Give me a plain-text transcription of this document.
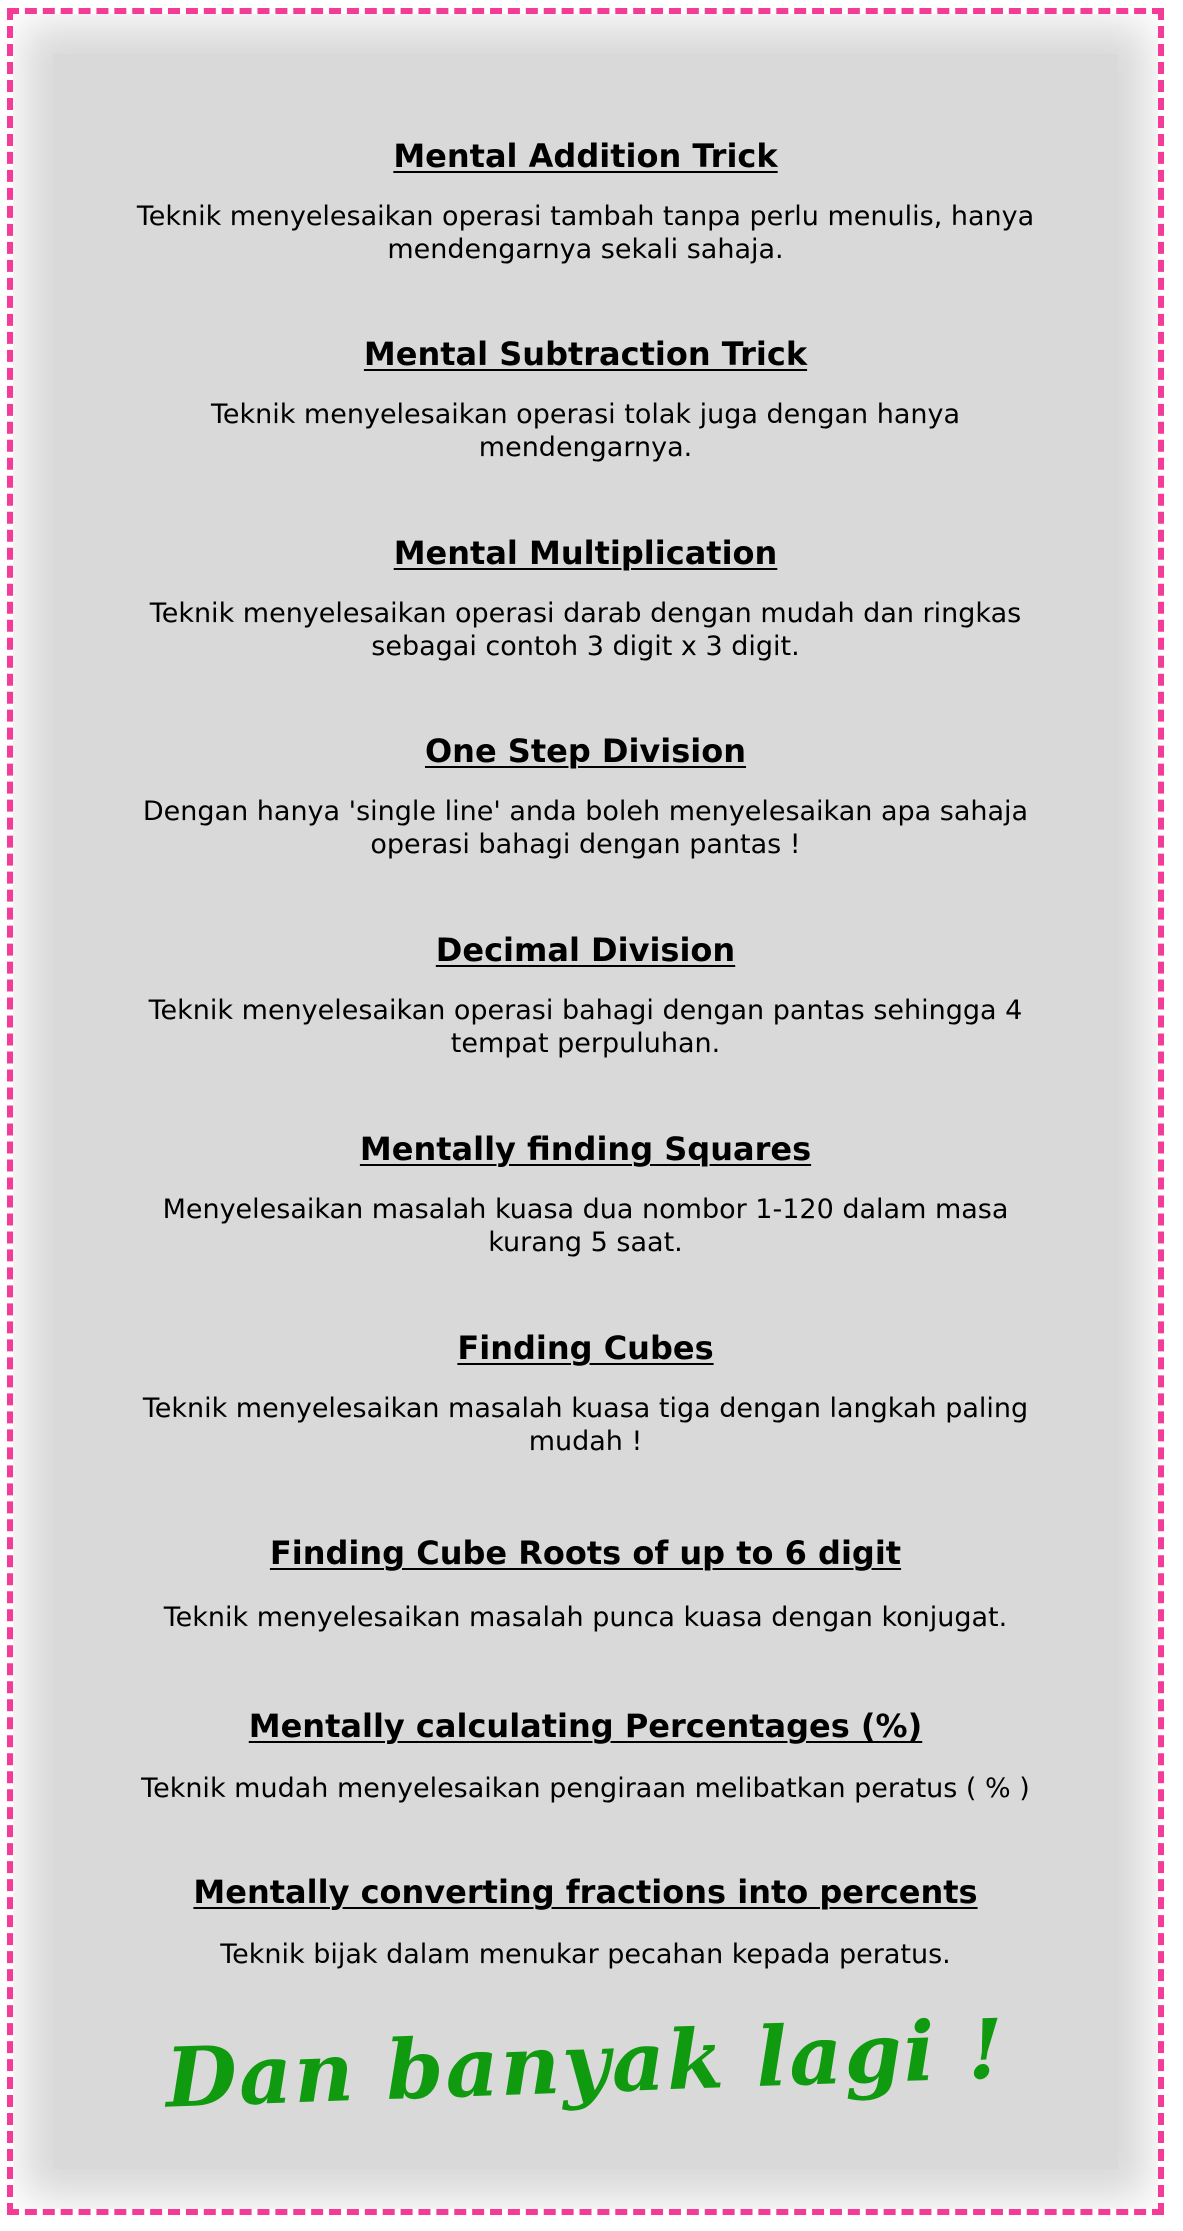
Mental Addition Trick

Teknik menyelesaikan operasi tambah tanpa perlu menulis, hanya mendengarnya sekali sahaja.

Mental Subtraction Trick

Teknik menyelesaikan operasi tolak juga dengan hanya mendengarnya.

Mental Multiplication

Teknik menyelesaikan operasi darab dengan mudah dan ringkas sebagai contoh 3 digit x 3 digit.

One Step Division

Dengan hanya 'single line' anda boleh menyelesaikan apa sahaja operasi bahagi dengan pantas !

Decimal Division

Teknik menyelesaikan operasi bahagi dengan pantas sehingga 4 tempat perpuluhan.

Mentally finding Squares

Menyelesaikan masalah kuasa dua nombor 1-120 dalam masa kurang 5 saat.

Finding Cubes

Teknik menyelesaikan masalah kuasa tiga dengan langkah paling mudah !

Finding Cube Roots of up to 6 digit

Teknik menyelesaikan masalah punca kuasa dengan konjugat.

Mentally calculating Percentages (%)

Teknik mudah menyelesaikan pengiraan melibatkan peratus ( % )

Mentally converting fractions into percents

Teknik bijak dalam menukar pecahan kepada peratus.

Dan banyak lagi !
